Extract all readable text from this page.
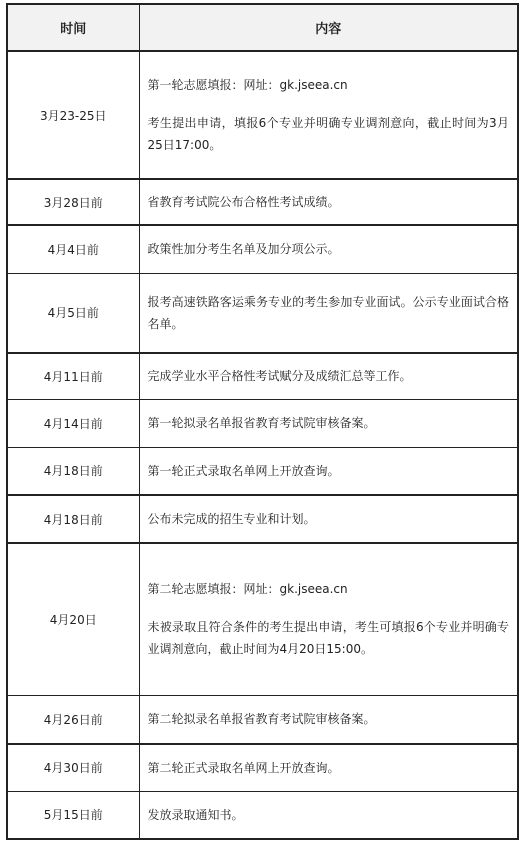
时间	内容
3月23-25日	第一轮志愿填报：网址：gk.jseea.cn

考生提出申请，填报6个专业并明确专业调剂意向，截止时间为3月25日17:00。

3月28日前	省教育考试院公布合格性考试成绩。

4月4日前	政策性加分考生名单及加分项公示。

4月5日前	报考高速铁路客运乘务专业的考生参加专业面试。公示专业面试合格名单。

4月11日前	完成学业水平合格性考试赋分及成绩汇总等工作。

4月14日前	第一轮拟录名单报省教育考试院审核备案。

4月18日前	第一轮正式录取名单网上开放查询。

4月18日前	公布未完成的招生专业和计划。

4月20日	第二轮志愿填报：网址：gk.jseea.cn

未被录取且符合条件的考生提出申请，考生可填报6个专业并明确专业调剂意向，截止时间为4月20日15:00。

4月26日前	第二轮拟录名单报省教育考试院审核备案。

4月30日前	第二轮正式录取名单网上开放查询。

5月15日前	发放录取通知书。
